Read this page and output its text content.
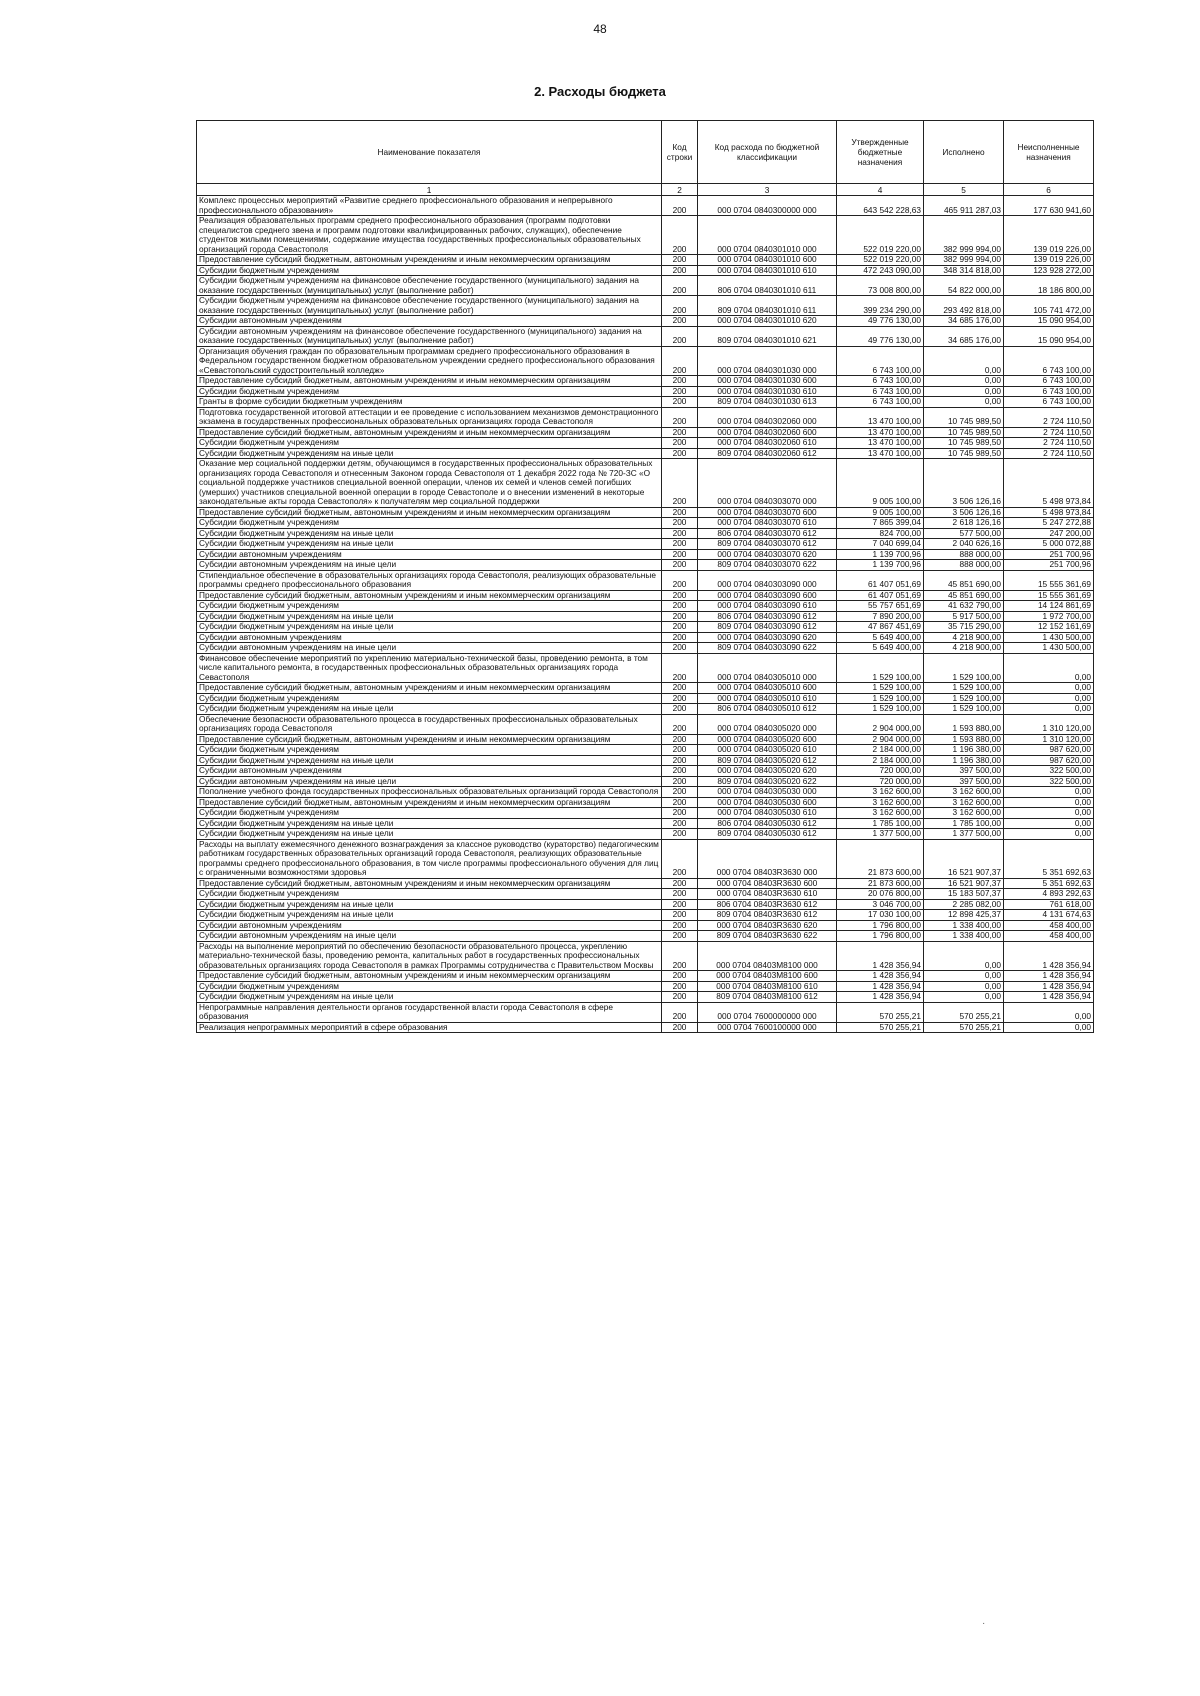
48
2. Расходы бюджета
Наименование показателя	Код строки	Код расхода по бюджетной классификации	Утвержденные бюджетные назначения	Исполнено	Неисполненные назначения
1	2	3	4	5	6
Комплекс процессных мероприятий «Развитие среднего профессионального образования и непрерывного профессионального образования»	200	000 0704 0840300000 000	643 542 228,63	465 911 287,03	177 630 941,60
Реализация образовательных программ среднего профессионального образования (программ подготовки специалистов среднего звена и программ подготовки квалифицированных рабочих, служащих), обеспечение студентов жилыми помещениями, содержание имущества государственных профессиональных образовательных организаций города Севастополя	200	000 0704 0840301010 000	522 019 220,00	382 999 994,00	139 019 226,00
Предоставление субсидий бюджетным, автономным учреждениям и иным некоммерческим организациям	200	000 0704 0840301010 600	522 019 220,00	382 999 994,00	139 019 226,00
Субсидии бюджетным учреждениям	200	000 0704 0840301010 610	472 243 090,00	348 314 818,00	123 928 272,00
Субсидии бюджетным учреждениям на финансовое обеспечение государственного (муниципального) задания на оказание государственных (муниципальных) услуг (выполнение работ)	200	806 0704 0840301010 611	73 008 800,00	54 822 000,00	18 186 800,00
Субсидии бюджетным учреждениям на финансовое обеспечение государственного (муниципального) задания на оказание государственных (муниципальных) услуг (выполнение работ)	200	809 0704 0840301010 611	399 234 290,00	293 492 818,00	105 741 472,00
Субсидии автономным учреждениям	200	000 0704 0840301010 620	49 776 130,00	34 685 176,00	15 090 954,00
Субсидии автономным учреждениям на финансовое обеспечение государственного (муниципального) задания на оказание государственных (муниципальных) услуг (выполнение работ)	200	809 0704 0840301010 621	49 776 130,00	34 685 176,00	15 090 954,00
Организация обучения граждан по образовательным программам среднего профессионального образования в Федеральном государственном бюджетном образовательном учреждении среднего профессионального образования «Севастопольский судостроительный колледж»	200	000 0704 0840301030 000	6 743 100,00	0,00	6 743 100,00
Предоставление субсидий бюджетным, автономным учреждениям и иным некоммерческим организациям	200	000 0704 0840301030 600	6 743 100,00	0,00	6 743 100,00
Субсидии бюджетным учреждениям	200	000 0704 0840301030 610	6 743 100,00	0,00	6 743 100,00
Гранты в форме субсидии бюджетным учреждениям	200	809 0704 0840301030 613	6 743 100,00	0,00	6 743 100,00
Подготовка государственной итоговой аттестации и ее проведение с использованием механизмов демонстрационного экзамена в государственных профессиональных образовательных организациях города Севастополя	200	000 0704 0840302060 000	13 470 100,00	10 745 989,50	2 724 110,50
Предоставление субсидий бюджетным, автономным учреждениям и иным некоммерческим организациям	200	000 0704 0840302060 600	13 470 100,00	10 745 989,50	2 724 110,50
Субсидии бюджетным учреждениям	200	000 0704 0840302060 610	13 470 100,00	10 745 989,50	2 724 110,50
Субсидии бюджетным учреждениям на иные цели	200	809 0704 0840302060 612	13 470 100,00	10 745 989,50	2 724 110,50
Оказание мер социальной поддержки детям, обучающимся в государственных профессиональных образовательных организациях города Севастополя и отнесенным Законом города Севастополя от 1 декабря 2022 года № 720-ЗС «О социальной поддержке участников специальной военной операции, членов их семей и членов семей погибших (умерших) участников специальной военной операции в городе Севастополе и о внесении изменений в некоторые законодательные акты города Севастополя» к получателям мер социальной поддержки	200	000 0704 0840303070 000	9 005 100,00	3 506 126,16	5 498 973,84
Предоставление субсидий бюджетным, автономным учреждениям и иным некоммерческим организациям	200	000 0704 0840303070 600	9 005 100,00	3 506 126,16	5 498 973,84
Субсидии бюджетным учреждениям	200	000 0704 0840303070 610	7 865 399,04	2 618 126,16	5 247 272,88
Субсидии бюджетным учреждениям на иные цели	200	806 0704 0840303070 612	824 700,00	577 500,00	247 200,00
Субсидии бюджетным учреждениям на иные цели	200	809 0704 0840303070 612	7 040 699,04	2 040 626,16	5 000 072,88
Субсидии автономным учреждениям	200	000 0704 0840303070 620	1 139 700,96	888 000,00	251 700,96
Субсидии автономным учреждениям на иные цели	200	809 0704 0840303070 622	1 139 700,96	888 000,00	251 700,96
Стипендиальное обеспечение в образовательных организациях города Севастополя, реализующих образовательные программы среднего профессионального образования	200	000 0704 0840303090 000	61 407 051,69	45 851 690,00	15 555 361,69
Предоставление субсидий бюджетным, автономным учреждениям и иным некоммерческим организациям	200	000 0704 0840303090 600	61 407 051,69	45 851 690,00	15 555 361,69
Субсидии бюджетным учреждениям	200	000 0704 0840303090 610	55 757 651,69	41 632 790,00	14 124 861,69
Субсидии бюджетным учреждениям на иные цели	200	806 0704 0840303090 612	7 890 200,00	5 917 500,00	1 972 700,00
Субсидии бюджетным учреждениям на иные цели	200	809 0704 0840303090 612	47 867 451,69	35 715 290,00	12 152 161,69
Субсидии автономным учреждениям	200	000 0704 0840303090 620	5 649 400,00	4 218 900,00	1 430 500,00
Субсидии автономным учреждениям на иные цели	200	809 0704 0840303090 622	5 649 400,00	4 218 900,00	1 430 500,00
Финансовое обеспечение мероприятий по укреплению материально-технической базы, проведению ремонта, в том числе капитального ремонта, в государственных профессиональных образовательных организациях города Севастополя	200	000 0704 0840305010 000	1 529 100,00	1 529 100,00	0,00
Предоставление субсидий бюджетным, автономным учреждениям и иным некоммерческим организациям	200	000 0704 0840305010 600	1 529 100,00	1 529 100,00	0,00
Субсидии бюджетным учреждениям	200	000 0704 0840305010 610	1 529 100,00	1 529 100,00	0,00
Субсидии бюджетным учреждениям на иные цели	200	806 0704 0840305010 612	1 529 100,00	1 529 100,00	0,00
Обеспечение безопасности образовательного процесса в государственных профессиональных образовательных организациях города Севастополя	200	000 0704 0840305020 000	2 904 000,00	1 593 880,00	1 310 120,00
Предоставление субсидий бюджетным, автономным учреждениям и иным некоммерческим организациям	200	000 0704 0840305020 600	2 904 000,00	1 593 880,00	1 310 120,00
Субсидии бюджетным учреждениям	200	000 0704 0840305020 610	2 184 000,00	1 196 380,00	987 620,00
Субсидии бюджетным учреждениям на иные цели	200	809 0704 0840305020 612	2 184 000,00	1 196 380,00	987 620,00
Субсидии автономным учреждениям	200	000 0704 0840305020 620	720 000,00	397 500,00	322 500,00
Субсидии автономным учреждениям на иные цели	200	809 0704 0840305020 622	720 000,00	397 500,00	322 500,00
Пополнение учебного фонда государственных профессиональных образовательных организаций города Севастополя	200	000 0704 0840305030 000	3 162 600,00	3 162 600,00	0,00
Предоставление субсидий бюджетным, автономным учреждениям и иным некоммерческим организациям	200	000 0704 0840305030 600	3 162 600,00	3 162 600,00	0,00
Субсидии бюджетным учреждениям	200	000 0704 0840305030 610	3 162 600,00	3 162 600,00	0,00
Субсидии бюджетным учреждениям на иные цели	200	806 0704 0840305030 612	1 785 100,00	1 785 100,00	0,00
Субсидии бюджетным учреждениям на иные цели	200	809 0704 0840305030 612	1 377 500,00	1 377 500,00	0,00
Расходы на выплату ежемесячного денежного вознаграждения за классное руководство (кураторство) педагогическим работникам государственных образовательных организаций города Севастополя, реализующих образовательные программы среднего профессионального образования, в том числе программы профессионального обучения для лиц с ограниченными возможностями здоровья	200	000 0704 08403R3630 000	21 873 600,00	16 521 907,37	5 351 692,63
Предоставление субсидий бюджетным, автономным учреждениям и иным некоммерческим организациям	200	000 0704 08403R3630 600	21 873 600,00	16 521 907,37	5 351 692,63
Субсидии бюджетным учреждениям	200	000 0704 08403R3630 610	20 076 800,00	15 183 507,37	4 893 292,63
Субсидии бюджетным учреждениям на иные цели	200	806 0704 08403R3630 612	3 046 700,00	2 285 082,00	761 618,00
Субсидии бюджетным учреждениям на иные цели	200	809 0704 08403R3630 612	17 030 100,00	12 898 425,37	4 131 674,63
Субсидии автономным учреждениям	200	000 0704 08403R3630 620	1 796 800,00	1 338 400,00	458 400,00
Субсидии автономным учреждениям на иные цели	200	809 0704 08403R3630 622	1 796 800,00	1 338 400,00	458 400,00
Расходы на выполнение мероприятий по обеспечению безопасности образовательного процесса, укреплению материально-технической базы, проведению ремонта, капитальных работ в государственных профессиональных образовательных организациях города Севастополя в рамках Программы сотрудничества с Правительством Москвы	200	000 0704 08403M8100 000	1 428 356,94	0,00	1 428 356,94
Предоставление субсидий бюджетным, автономным учреждениям и иным некоммерческим организациям	200	000 0704 08403M8100 600	1 428 356,94	0,00	1 428 356,94
Субсидии бюджетным учреждениям	200	000 0704 08403M8100 610	1 428 356,94	0,00	1 428 356,94
Субсидии бюджетным учреждениям на иные цели	200	809 0704 08403M8100 612	1 428 356,94	0,00	1 428 356,94
Непрограммные направления деятельности органов государственной власти города Севастополя в сфере образования	200	000 0704 7600000000 000	570 255,21	570 255,21	0,00
Реализация непрограммных мероприятий в сфере образования	200	000 0704 7600100000 000	570 255,21	570 255,21	0,00
·
